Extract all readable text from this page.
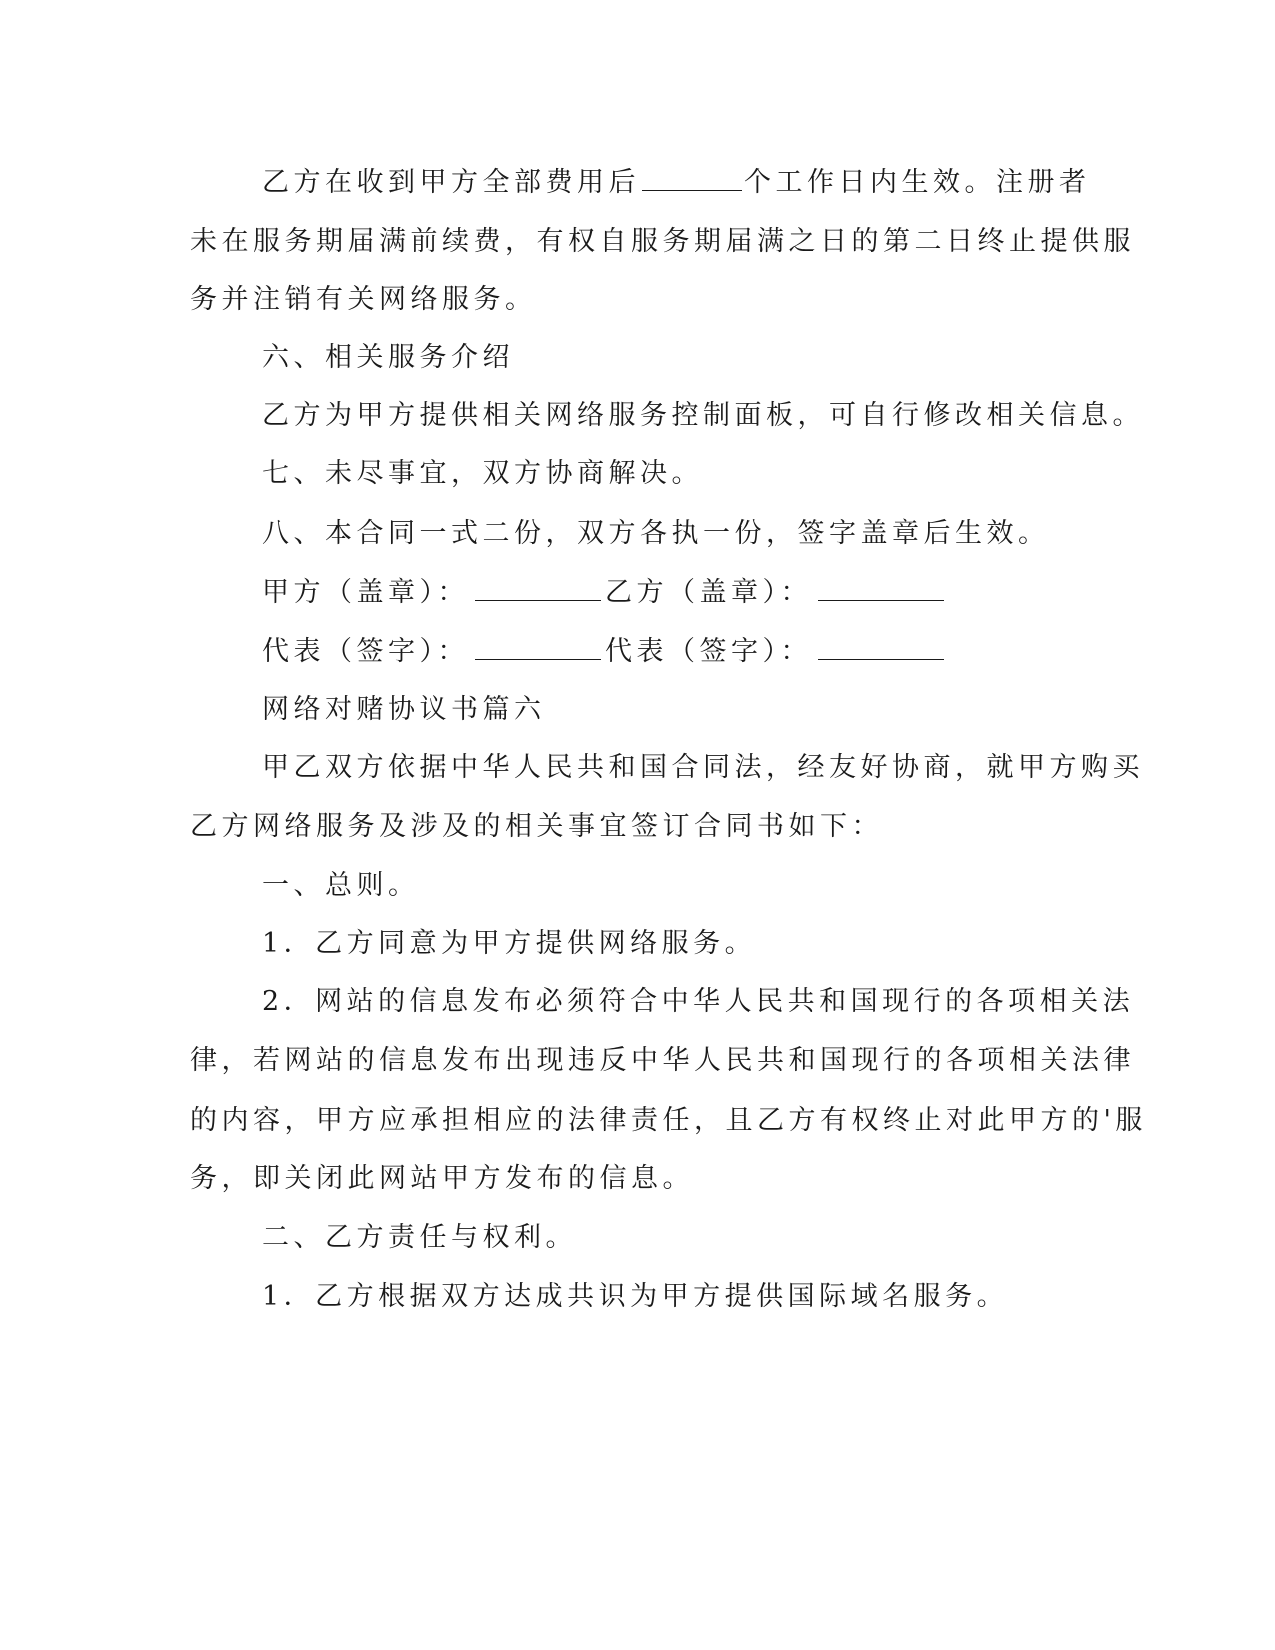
乙方在收到甲方全部费用后	个工作日内生效。注册者
未在服务期届满前续费，有权自服务期届满之日的第二日终止提供服
务并注销有关网络服务。
六、相关服务介绍
乙方为甲方提供相关网络服务控制面板，可自行修改相关信息。
七、未尽事宜，双方协商解决。
八、本合同一式二份，双方各执一份，签字盖章后生效。
甲方（盖章）：	乙方（盖章）：
代表（签字）：	代表（签字）：
网络对赌协议书篇六
甲乙双方依据中华人民共和国合同法，经友好协商，就甲方购买
乙方网络服务及涉及的相关事宜签订合同书如下：
一、总则。
1．乙方同意为甲方提供网络服务。
2．网站的信息发布必须符合中华人民共和国现行的各项相关法
律，若网站的信息发布出现违反中华人民共和国现行的各项相关法律
的内容，甲方应承担相应的法律责任，且乙方有权终止对此甲方的'服
务，即关闭此网站甲方发布的信息。
二、乙方责任与权利。
1．乙方根据双方达成共识为甲方提供国际域名服务。
